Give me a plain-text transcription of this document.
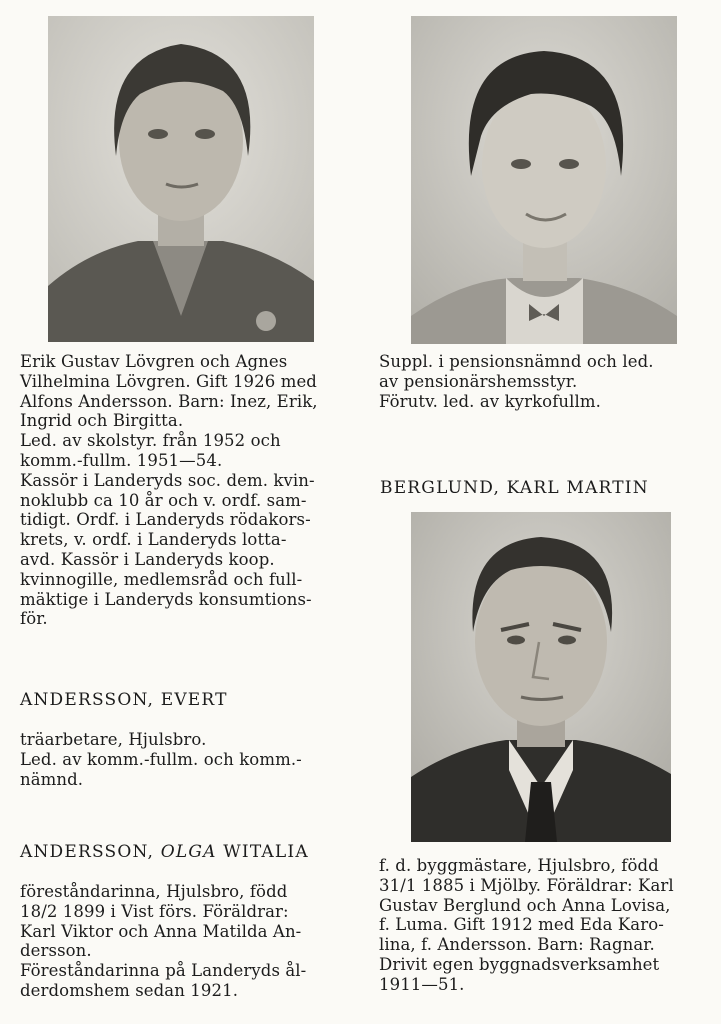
Erik Gustav Lövgren och Agnes

Vilhelmina Lövgren. Gift 1926 med

Alfons Andersson. Barn: Inez, Erik,

Ingrid och Birgitta.

Led. av skolstyr. från 1952 och

komm.-fullm. 1951—54.

Kassör i Landeryds soc. dem. kvin-

noklubb ca 10 år och v. ordf. sam-

tidigt. Ordf. i Landeryds rödakors-

krets, v. ordf. i Landeryds lotta-

avd. Kassör i Landeryds koop.

kvinnogille, medlemsråd och full-

mäktige i Landeryds konsumtions-

för.

ANDERSSON, EVERT

träarbetare, Hjulsbro.

Led. av komm.-fullm. och komm.-

nämnd.

ANDERSSON, OLGA WITALIA

föreståndarinna, Hjulsbro, född

18/2 1899 i Vist förs. Föräldrar:

Karl Viktor och Anna Matilda An-

dersson.

Föreståndarinna på Landeryds ål-

derdomshem sedan 1921.

Suppl. i pensionsnämnd och led.

av pensionärshemsstyr.

Förutv. led. av kyrkofullm.

BERGLUND, KARL MARTIN

f. d. byggmästare, Hjulsbro, född

31/1 1885 i Mjölby. Föräldrar: Karl

Gustav Berglund och Anna Lovisa,

f. Luma. Gift 1912 med Eda Karo-

lina, f. Andersson. Barn: Ragnar.

Drivit egen byggnadsverksamhet

1911—51.
